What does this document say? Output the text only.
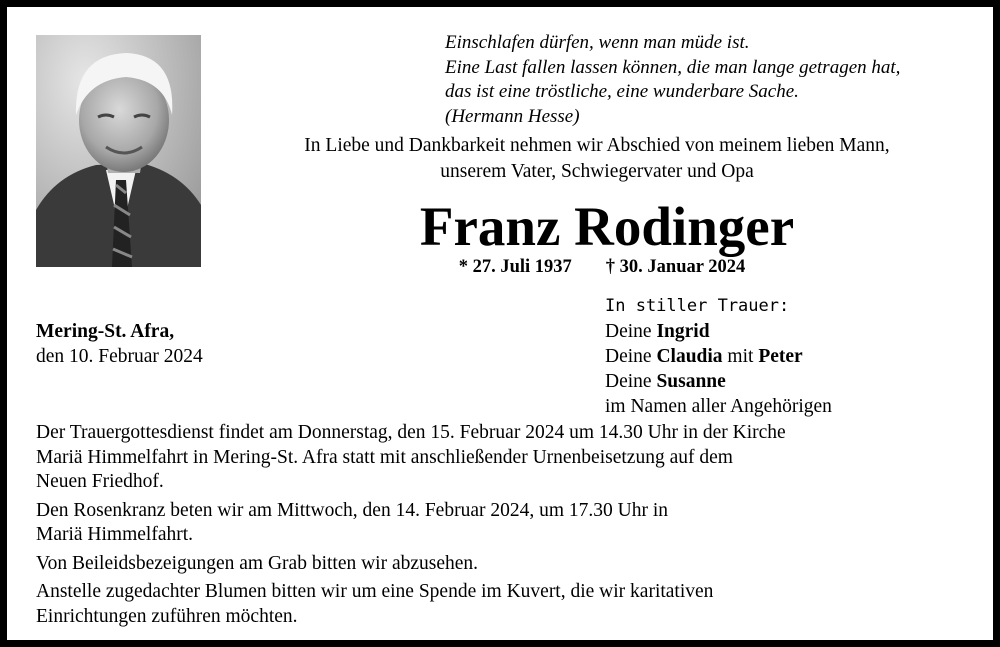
Einschlafen dürfen, wenn man müde ist.
Eine Last fallen lassen können, die man lange getragen hat,
das ist eine tröstliche, eine wunderbare Sache.
(Hermann Hesse)
In Liebe und Dankbarkeit nehmen wir Abschied von meinem lieben Mann,
unserem Vater, Schwiegervater und Opa
Franz Rodinger
* 27. Juli 1937 † 30. Januar 2024
Mering-St. Afra,
den 10. Februar 2024
In stiller Trauer:
Deine Ingrid
Deine Claudia mit Peter
Deine Susanne
im Namen aller Angehörigen

Der Trauergottesdienst findet am Donnerstag, den 15. Februar 2024 um 14.30 Uhr in der Kirche
Mariä Himmelfahrt in Mering-St. Afra statt mit anschließender Urnenbeisetzung auf dem
Neuen Friedhof.

Den Rosenkranz beten wir am Mittwoch, den 14. Februar 2024, um 17.30 Uhr in
Mariä Himmelfahrt.

Von Beileidsbezeigungen am Grab bitten wir abzusehen.

Anstelle zugedachter Blumen bitten wir um eine Spende im Kuvert, die wir karitativen
Einrichtungen zuführen möchten.
